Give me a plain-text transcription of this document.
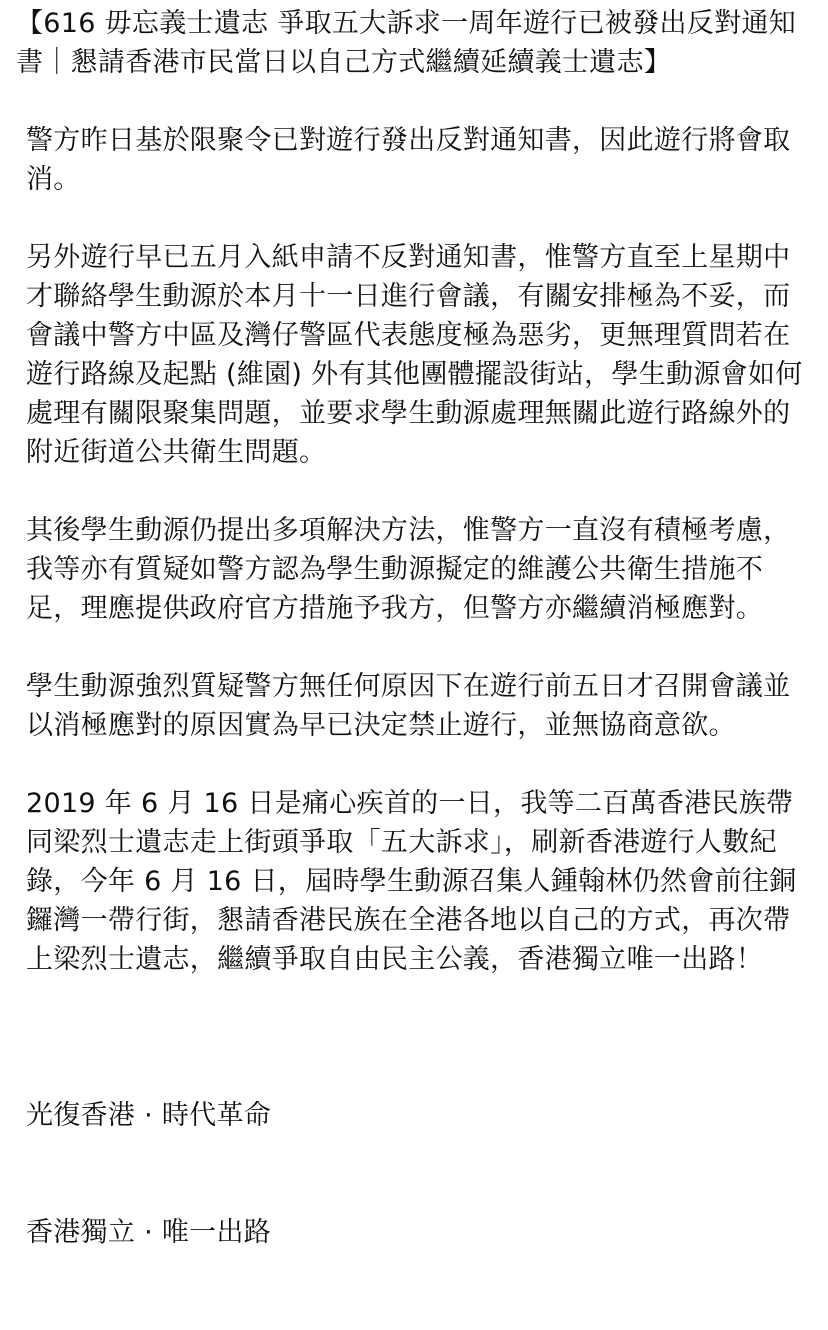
【616 毋忘義士遺志 爭取五大訴求一周年遊行已被發出反對通知書｜懇請香港市民當日以自己方式繼續延續義士遺志】

警方昨日基於限聚令已對遊行發出反對通知書，因此遊行將會取消。

另外遊行早已五月入紙申請不反對通知書，惟警方直至上星期中才聯絡學生動源於本月十一日進行會議，有關安排極為不妥，而會議中警方中區及灣仔警區代表態度極為惡劣，更無理質問若在遊行路線及起點 (維園) 外有其他團體擺設街站，學生動源會如何處理有關限聚集問題，並要求學生動源處理無關此遊行路線外的附近街道公共衛生問題。

其後學生動源仍提出多項解決方法，惟警方一直沒有積極考慮，我等亦有質疑如警方認為學生動源擬定的維護公共衛生措施不足，理應提供政府官方措施予我方，但警方亦繼續消極應對。

學生動源強烈質疑警方無任何原因下在遊行前五日才召開會議並以消極應對的原因實為早已決定禁止遊行，並無協商意欲。

2019 年 6 月 16 日是痛心疾首的一日，我等二百萬香港民族帶同梁烈士遺志走上街頭爭取「五大訴求」，刷新香港遊行人數紀錄，今年 6 月 16 日，屆時學生動源召集人鍾翰林仍然會前往銅鑼灣一帶行街，懇請香港民族在全港各地以自己的方式，再次帶上梁烈士遺志，繼續爭取自由民主公義，香港獨立唯一出路！

光復香港 · 時代革命

香港獨立 · 唯一出路
